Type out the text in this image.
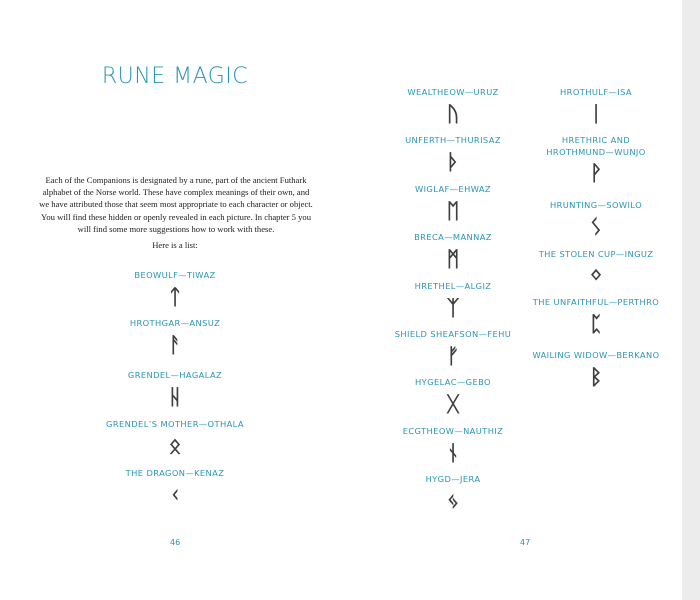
RUNE MAGIC
Each of the Companions is designated by a rune, part of the ancient Futhark alphabet of the Norse world. These have complex meanings of their own, and we have attributed those that seem most appropriate to each character or object. You will find these hidden or openly revealed in each picture. In chapter 5 you will find some more suggestions how to work with these.
Here is a list:
BEOWULF—TIWAZ
ᛏ
HROTHGAR—ANSUZ
ᚨ
GRENDEL—HAGALAZ
ᚺ
GRENDEL’S MOTHER—OTHALA
ᛟ
THE DRAGON—KENAZ
ᚲ
46
WEALTHEOW—URUZ
ᚢ
UNFERTH—THURISAZ
ᚦ
WIGLAF—EHWAZ
ᛖ
BRECA—MANNAZ
ᛗ
HRETHEL—ALGIZ
ᛉ
SHIELD SHEAFSON—FEHU
ᚠ
HYGELAC—GEBO
ᚷ
ECGTHEOW—NAUTHIZ
ᚾ
HYGD—JERA
ᛃ
HROTHULF—ISA
ᛁ
HRETHRIC AND
HROTHMUND—WUNJO
ᚹ
HRUNTING—SOWILO
ᛊ
THE STOLEN CUP—INGUZ
ᛜ
THE UNFAITHFUL—PERTHRO
ᛈ
WAILING WIDOW—BERKANO
ᛒ
47
